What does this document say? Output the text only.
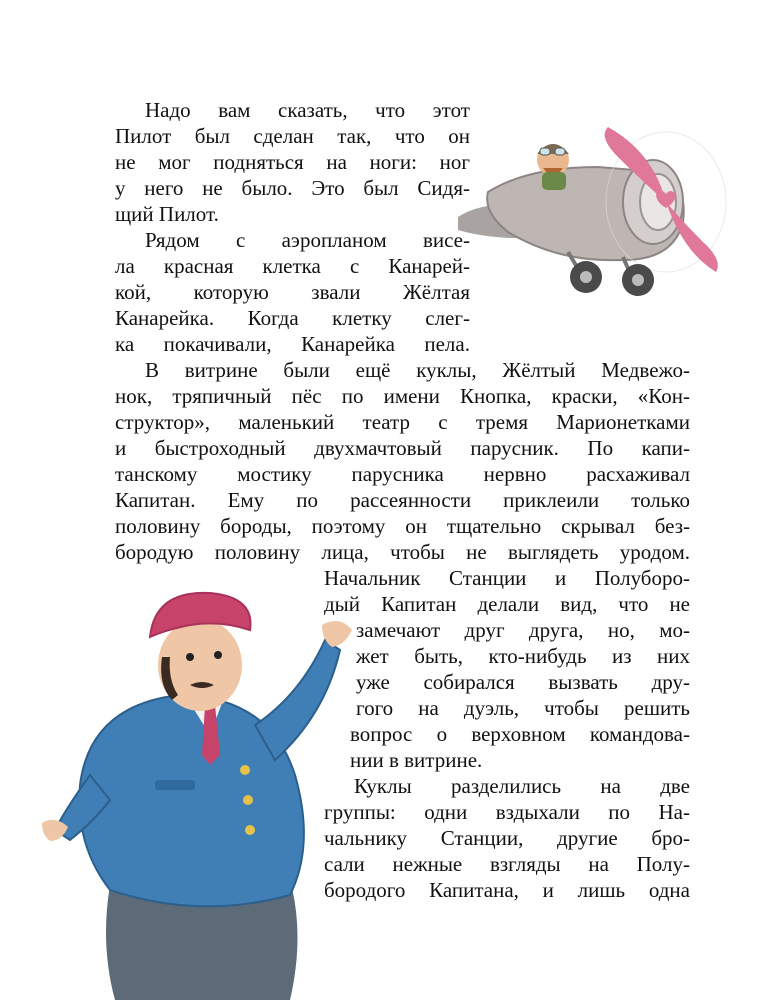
Надо вам сказать, что этот
Пилот был сделан так, что он
не мог подняться на ноги: ног
у него не было. Это был Сидя-
щий Пилот.
Рядом с аэропланом висе-
ла красная клетка с Канарей-
кой, которую звали Жёлтая
Канарейка. Когда клетку слег-
ка покачивали, Канарейка пела.
В витрине были ещё куклы, Жёлтый Медвежо-
нок, тряпичный пёс по имени Кнопка, краски, «Кон-
структор», маленький театр с тремя Марионетками
и быстроходный двухмачтовый парусник. По капи-
танскому мостику парусника нервно расхаживал
Капитан. Ему по рассеянности приклеили только
половину бороды, поэтому он тщательно скрывал без-
бородую половину лица, чтобы не выглядеть уродом.
Начальник Станции и Полуборо-
дый Капитан делали вид, что не
замечают друг друга, но, мо-
жет быть, кто-нибудь из них
уже собирался вызвать дру-
гого на дуэль, чтобы решить
вопрос о верховном командова-
нии в витрине.
Куклы разделились на две
группы: одни вздыхали по На-
чальнику Станции, другие бро-
сали нежные взгляды на Полу-
бородого Капитана, и лишь одна
